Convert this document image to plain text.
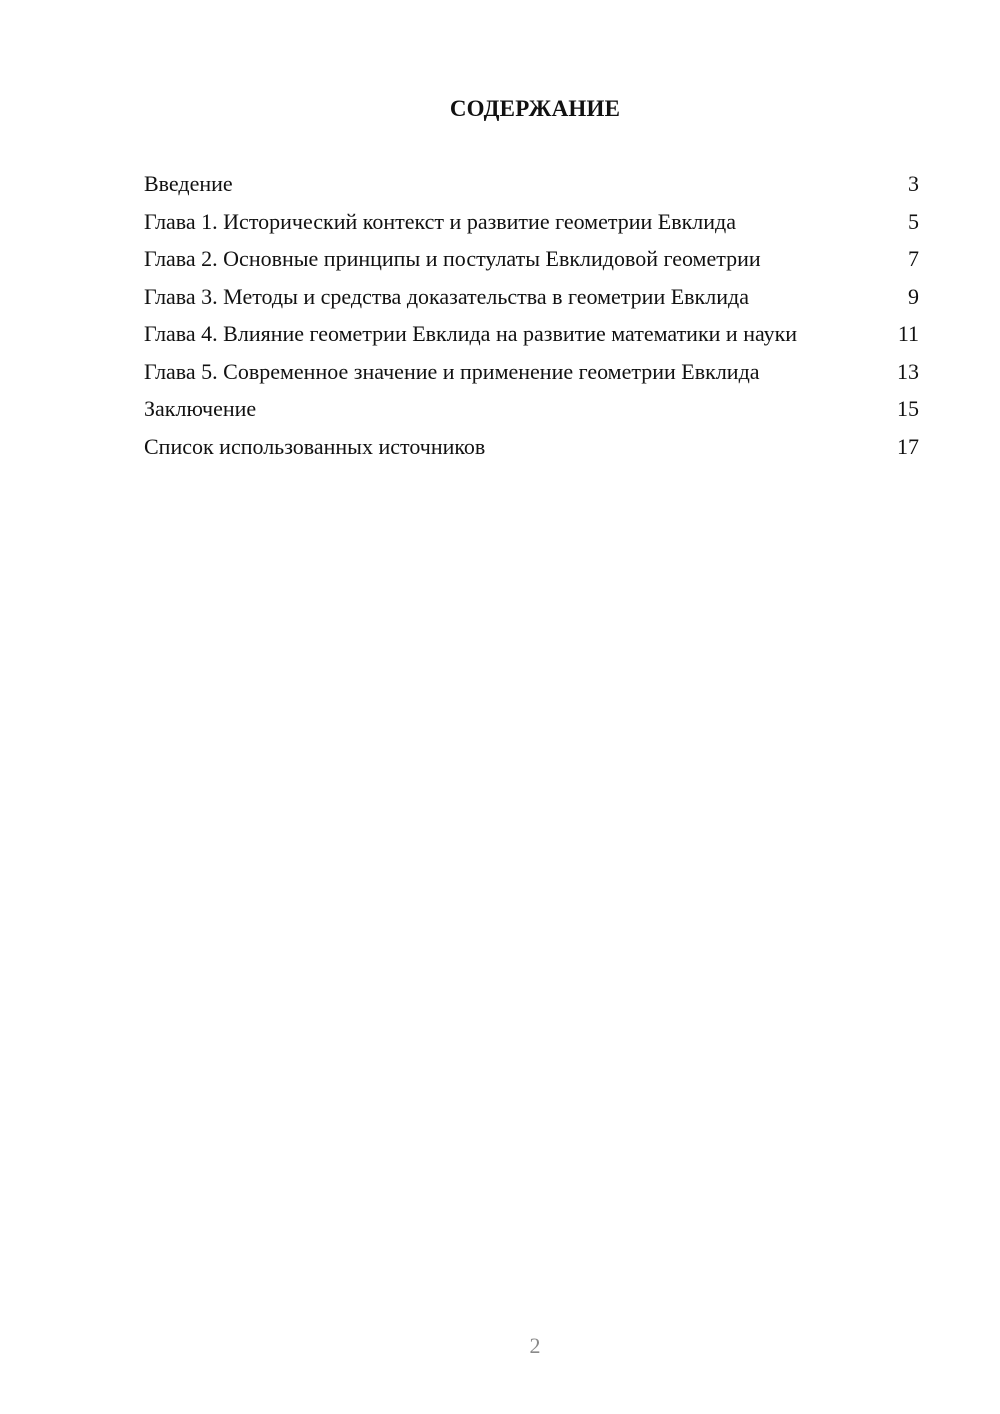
СОДЕРЖАНИЕ
Введение	3
Глава 1. Исторический контекст и развитие геометрии Евклида	5
Глава 2. Основные принципы и постулаты Евклидовой геометрии	7
Глава 3. Методы и средства доказательства в геометрии Евклида	9
Глава 4. Влияние геометрии Евклида на развитие математики и науки	11
Глава 5. Современное значение и применение геометрии Евклида	13
Заключение	15
Список использованных источников	17
2
